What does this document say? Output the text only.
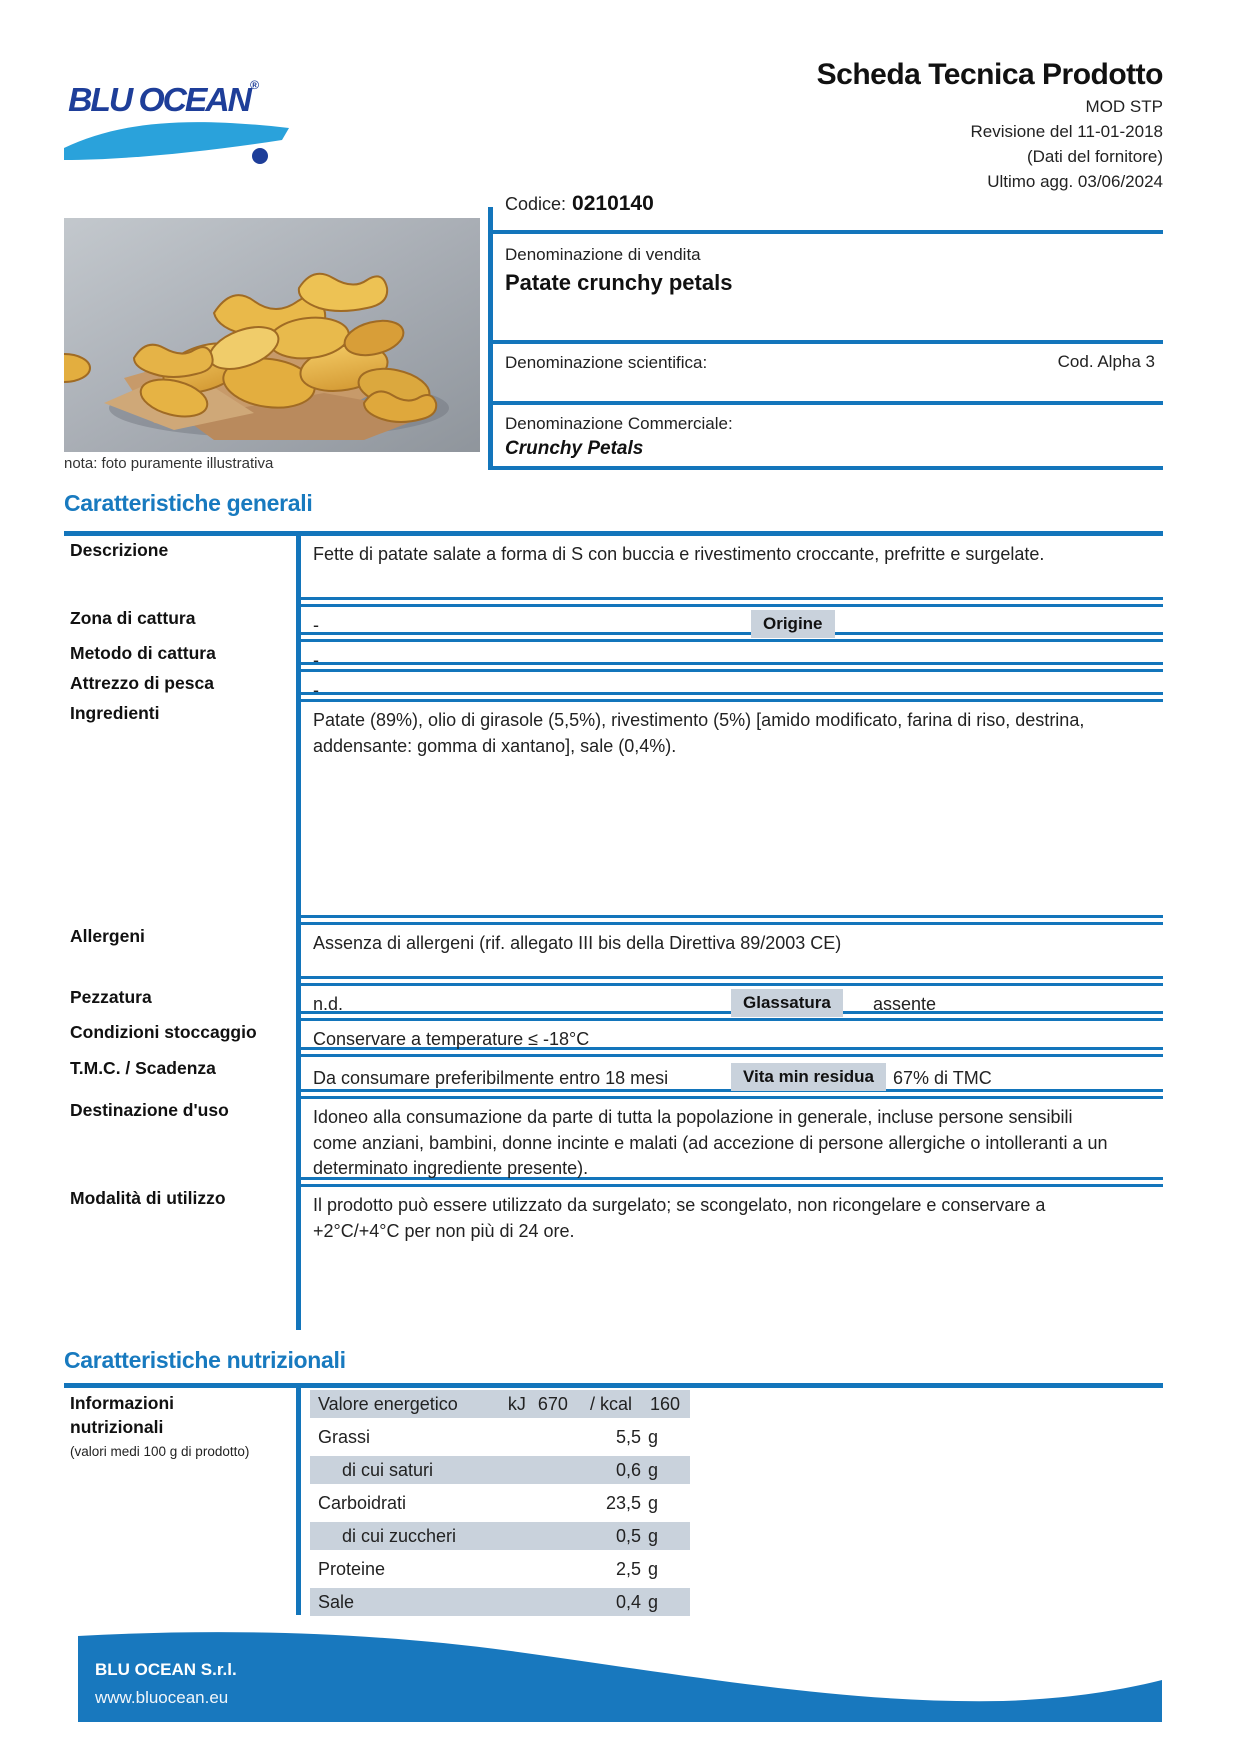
BLU OCEAN®	Scheda Tecnica Prodotto
MOD STP
Revisione del 11-01-2018
(Dati del fornitore)
Ultimo agg. 03/06/2024
nota: foto puramente illustrativa
Codice: 0210140
Denominazione di vendita
Patate crunchy petals
Denominazione scientifica:	Cod. Alpha 3
Denominazione Commerciale:
Crunchy Petals
Caratteristiche generali
Descrizione	Fette di patate salate a forma di S con buccia e rivestimento croccante, prefritte e surgelate.
Zona di cattura	-	Origine
Metodo di cattura	-
Attrezzo di pesca	-
Ingredienti	Patate (89%), olio di girasole (5,5%), rivestimento (5%) [amido modificato, farina di riso, destrina, addensante: gomma di xantano], sale (0,4%).
Allergeni	Assenza di allergeni (rif. allegato III bis della Direttiva 89/2003 CE)
Pezzatura	n.d.	Glassatura	assente
Condizioni stoccaggio	Conservare a temperature ≤ -18°C
T.M.C. / Scadenza	Da consumare preferibilmente entro 18 mesi	Vita min residua	67% di TMC
Destinazione d'uso	Idoneo alla consumazione da parte di tutta la popolazione in generale, incluse persone sensibili come anziani, bambini, donne incinte e malati (ad accezione di persone allergiche o intolleranti a un determinato ingrediente presente).
Modalità di utilizzo	Il prodotto può essere utilizzato da surgelato; se scongelato, non ricongelare e conservare a +2°C/+4°C per non più di 24 ore.
Caratteristiche nutrizionali
Informazioni nutrizionali
(valori medi 100 g di prodotto)
Valore energetico	kJ 670 / kcal 160
Grassi	5,5 g
di cui saturi	0,6 g
Carboidrati	23,5 g
di cui zuccheri	0,5 g
Proteine	2,5 g
Sale	0,4 g
BLU OCEAN S.r.l.
www.bluocean.eu
